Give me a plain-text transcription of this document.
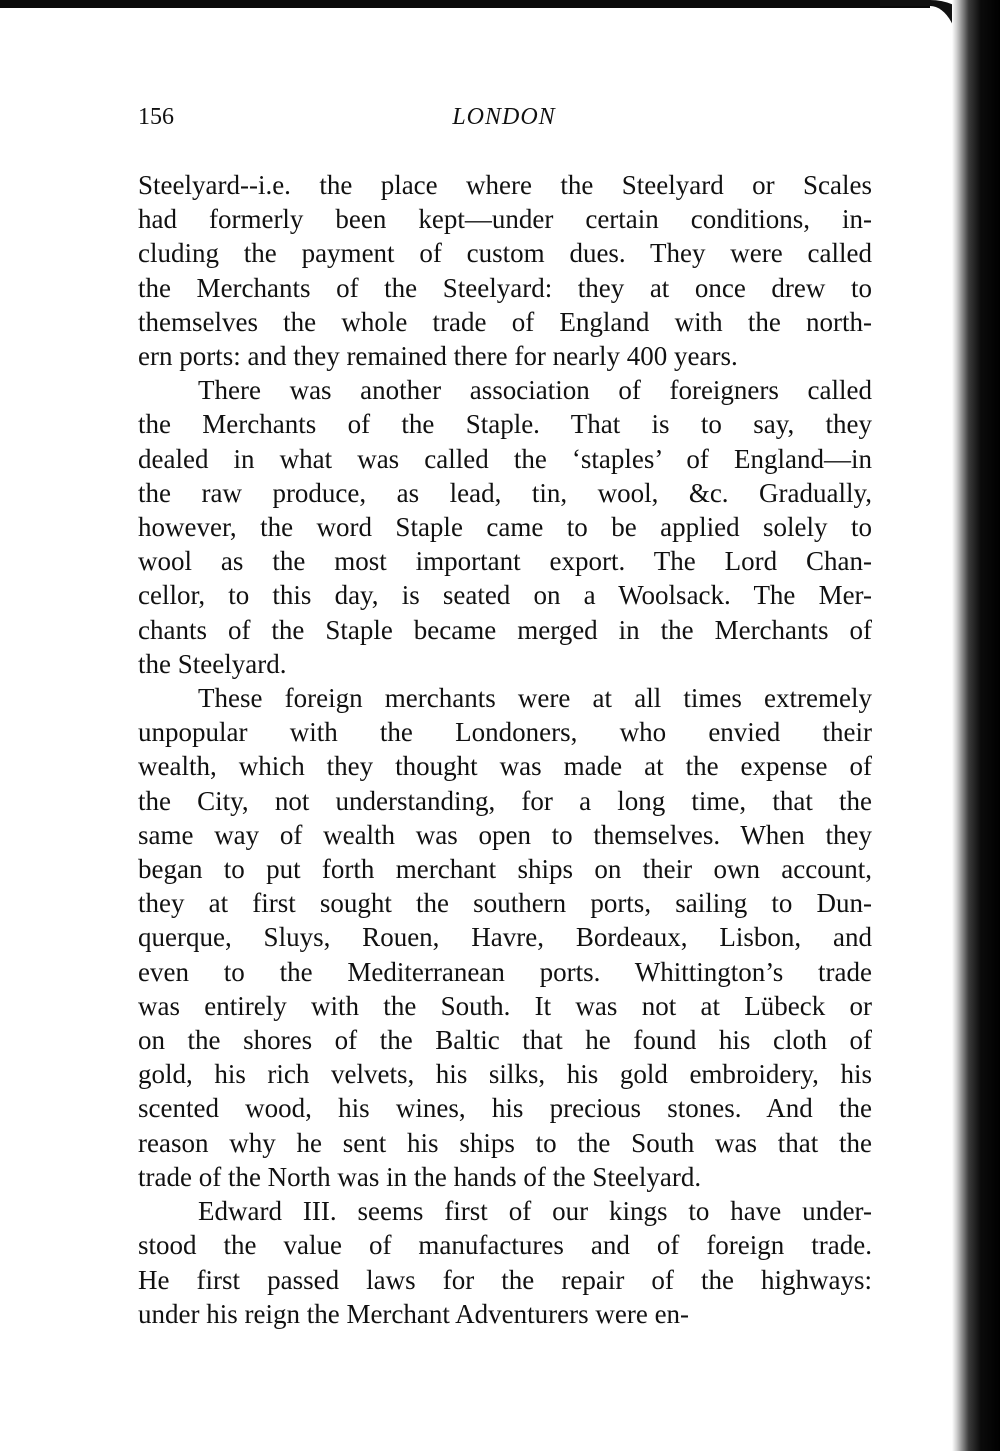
156	LONDON
Steelyard--i.e. the place where the Steelyard or Scales
had formerly been kept—under certain conditions, in-
cluding the payment of custom dues. They were called
the Merchants of the Steelyard: they at once drew to
themselves the whole trade of England with the north-
ern ports: and they remained there for nearly 400 years.
There was another association of foreigners called
the Merchants of the Staple. That is to say, they
dealed in what was called the ‘staples’ of England—in
the raw produce, as lead, tin, wool, &c. Gradually,
however, the word Staple came to be applied solely to
wool as the most important export. The Lord Chan-
cellor, to this day, is seated on a Woolsack. The Mer-
chants of the Staple became merged in the Merchants of
the Steelyard.
These foreign merchants were at all times extremely
unpopular with the Londoners, who envied their
wealth, which they thought was made at the expense of
the City, not understanding, for a long time, that the
same way of wealth was open to themselves. When they
began to put forth merchant ships on their own account,
they at first sought the southern ports, sailing to Dun-
querque, Sluys, Rouen, Havre, Bordeaux, Lisbon, and
even to the Mediterranean ports. Whittington’s trade
was entirely with the South. It was not at Lübeck or
on the shores of the Baltic that he found his cloth of
gold, his rich velvets, his silks, his gold embroidery, his
scented wood, his wines, his precious stones. And the
reason why he sent his ships to the South was that the
trade of the North was in the hands of the Steelyard.
Edward III. seems first of our kings to have under-
stood the value of manufactures and of foreign trade.
He first passed laws for the repair of the highways:
under his reign the Merchant Adventurers were en-
